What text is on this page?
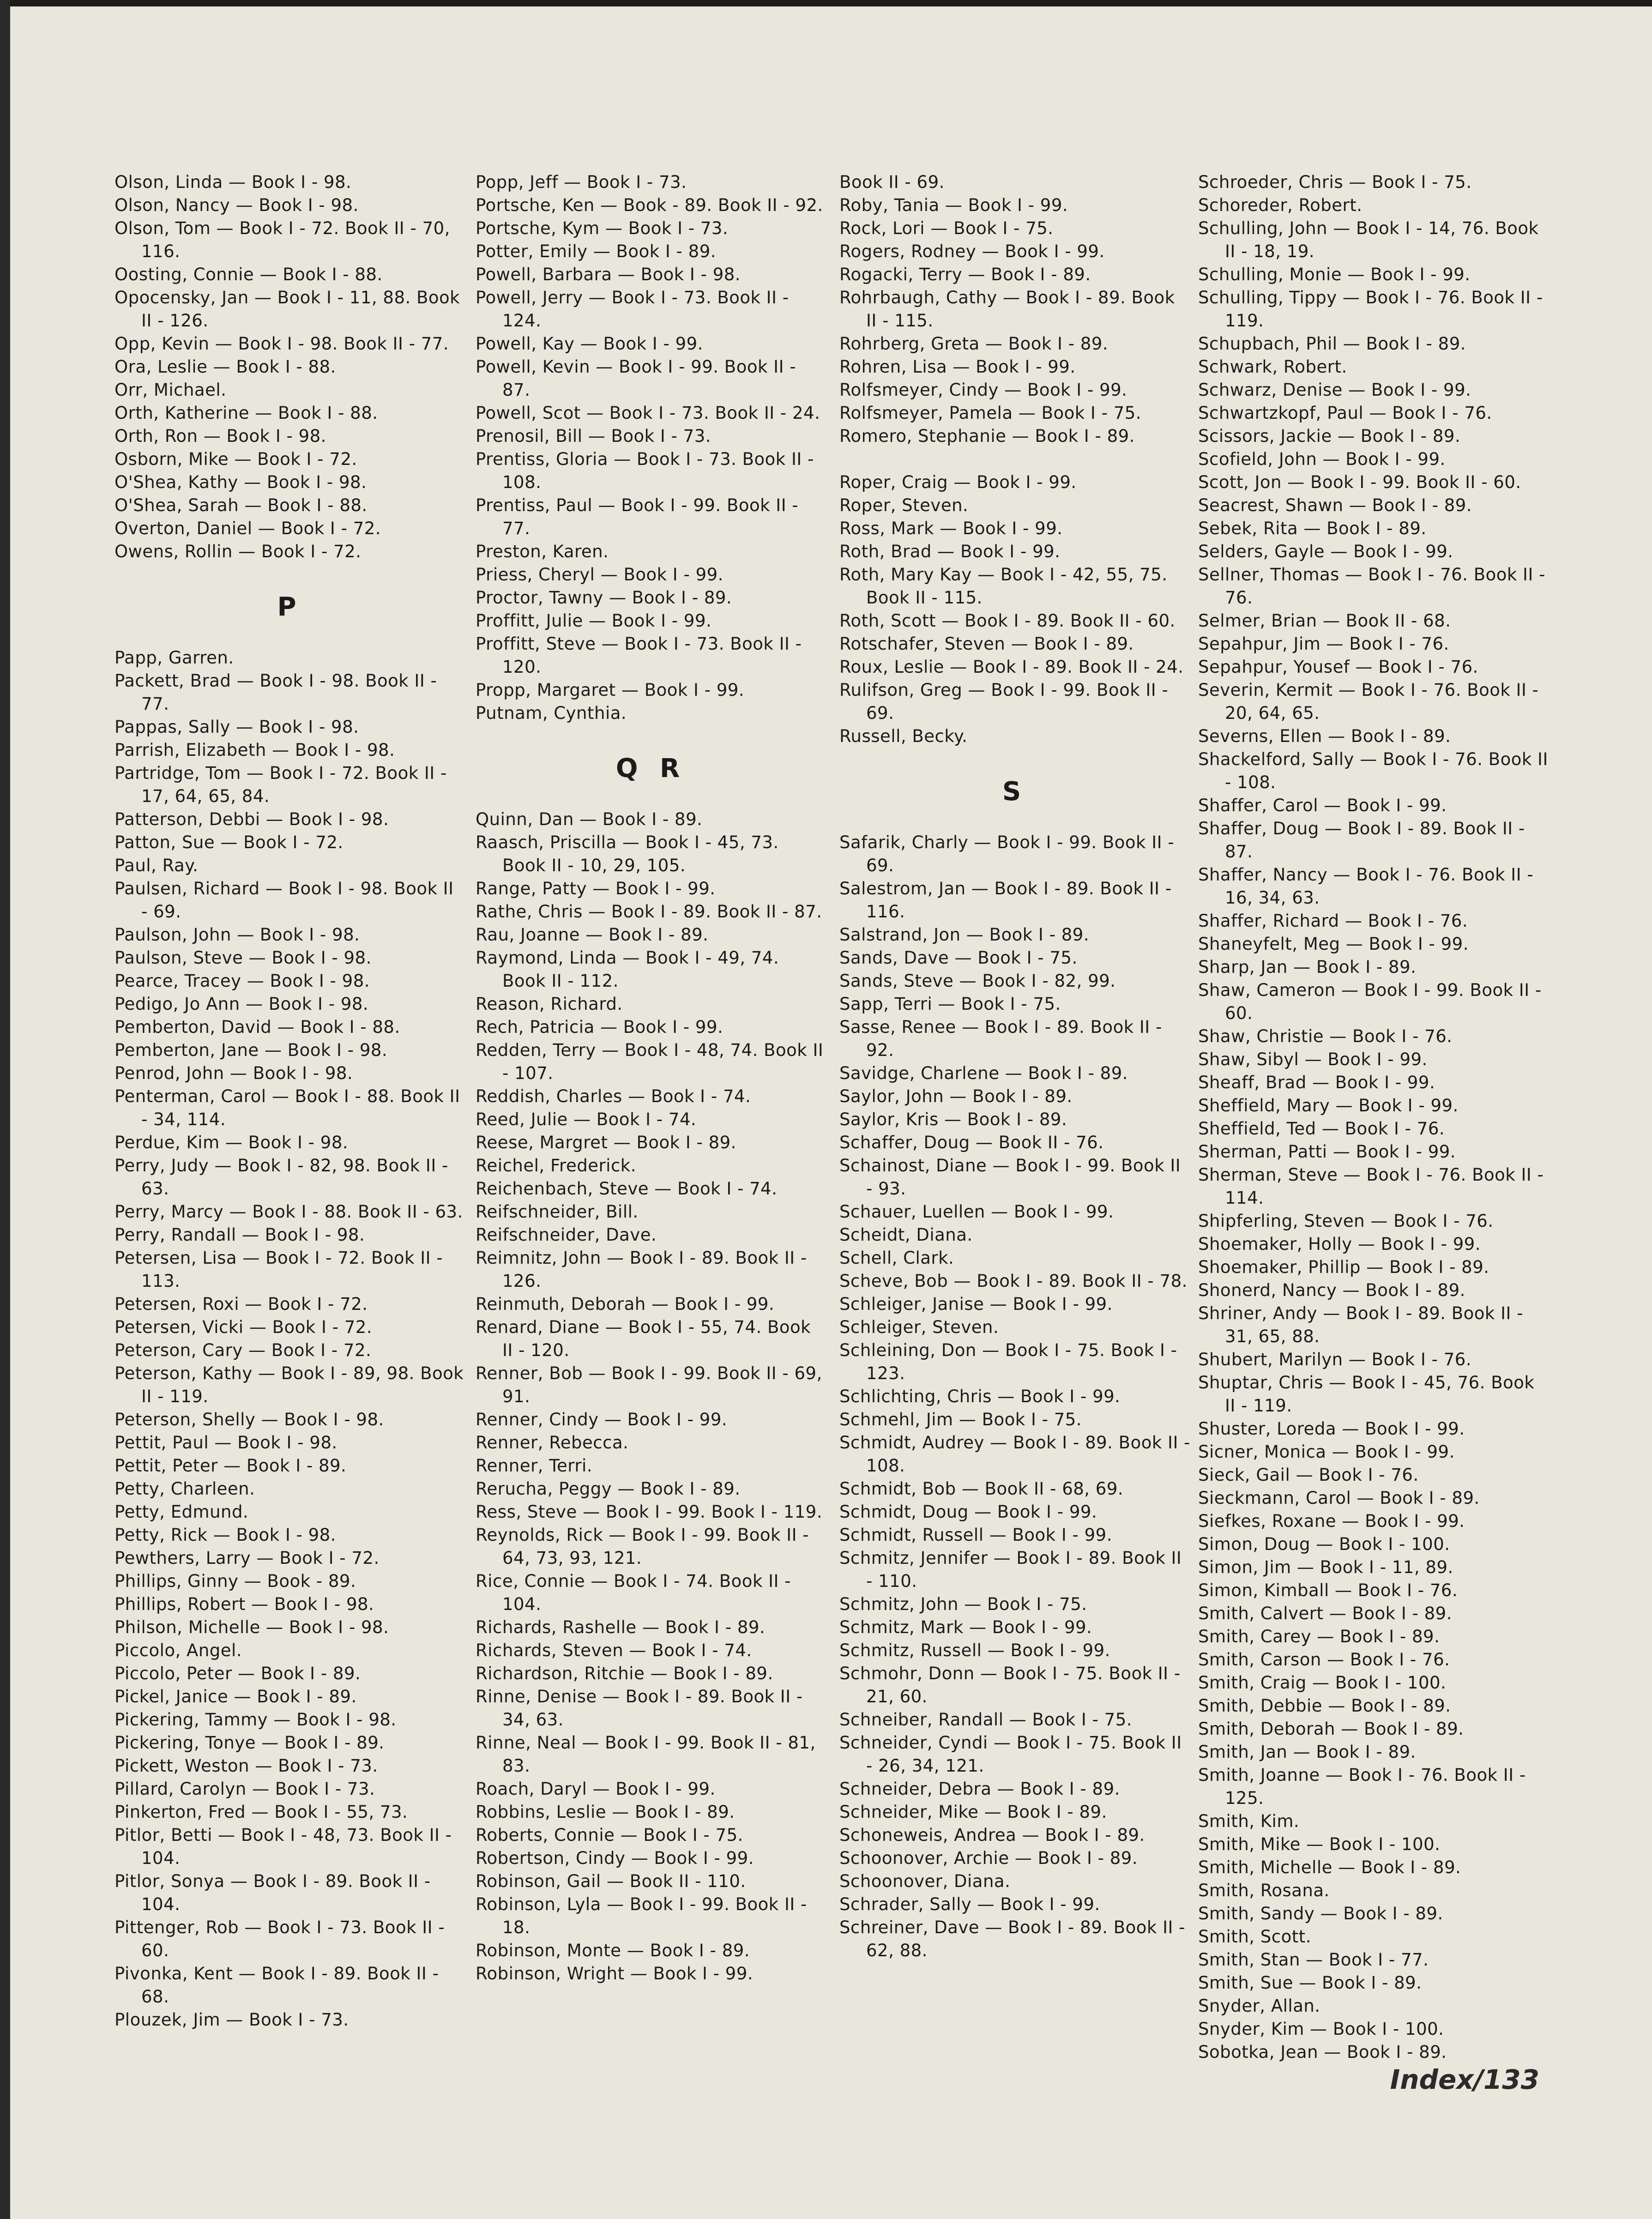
Olson, Linda — Book I - 98.
Olson, Nancy — Book I - 98.
Olson, Tom — Book I - 72. Book II - 70, 116.
Oosting, Connie — Book I - 88.
Opocensky, Jan — Book I - 11, 88. Book II - 126.
Opp, Kevin — Book I - 98. Book II - 77.
Ora, Leslie — Book I - 88.
Orr, Michael.
Orth, Katherine — Book I - 88.
Orth, Ron — Book I - 98.
Osborn, Mike — Book I - 72.
O'Shea, Kathy — Book I - 98.
O'Shea, Sarah — Book I - 88.
Overton, Daniel — Book I - 72.
Owens, Rollin — Book I - 72.
P
Papp, Garren.
Packett, Brad — Book I - 98. Book II - 77.
Pappas, Sally — Book I - 98.
Parrish, Elizabeth — Book I - 98.
Partridge, Tom — Book I - 72. Book II - 17, 64, 65, 84.
Patterson, Debbi — Book I - 98.
Patton, Sue — Book I - 72.
Paul, Ray.
Paulsen, Richard — Book I - 98. Book II - 69.
Paulson, John — Book I - 98.
Paulson, Steve — Book I - 98.
Pearce, Tracey — Book I - 98.
Pedigo, Jo Ann — Book I - 98.
Pemberton, David — Book I - 88.
Pemberton, Jane — Book I - 98.
Penrod, John — Book I - 98.
Penterman, Carol — Book I - 88. Book II - 34, 114.
Perdue, Kim — Book I - 98.
Perry, Judy — Book I - 82, 98. Book II - 63.
Perry, Marcy — Book I - 88. Book II - 63.
Perry, Randall — Book I - 98.
Petersen, Lisa — Book I - 72. Book II - 113.
Petersen, Roxi — Book I - 72.
Petersen, Vicki — Book I - 72.
Peterson, Cary — Book I - 72.
Peterson, Kathy — Book I - 89, 98. Book II - 119.
Peterson, Shelly — Book I - 98.
Pettit, Paul — Book I - 98.
Pettit, Peter — Book I - 89.
Petty, Charleen.
Petty, Edmund.
Petty, Rick — Book I - 98.
Pewthers, Larry — Book I - 72.
Phillips, Ginny — Book - 89.
Phillips, Robert — Book I - 98.
Philson, Michelle — Book I - 98.
Piccolo, Angel.
Piccolo, Peter — Book I - 89.
Pickel, Janice — Book I - 89.
Pickering, Tammy — Book I - 98.
Pickering, Tonye — Book I - 89.
Pickett, Weston — Book I - 73.
Pillard, Carolyn — Book I - 73.
Pinkerton, Fred — Book I - 55, 73.
Pitlor, Betti — Book I - 48, 73. Book II - 104.
Pitlor, Sonya — Book I - 89. Book II - 104.
Pittenger, Rob — Book I - 73. Book II - 60.
Pivonka, Kent — Book I - 89. Book II - 68.
Plouzek, Jim — Book I - 73.
Popp, Jeff — Book I - 73.
Portsche, Ken — Book - 89. Book II - 92.
Portsche, Kym — Book I - 73.
Potter, Emily — Book I - 89.
Powell, Barbara — Book I - 98.
Powell, Jerry — Book I - 73. Book II - 124.
Powell, Kay — Book I - 99.
Powell, Kevin — Book I - 99. Book II - 87.
Powell, Scot — Book I - 73. Book II - 24.
Prenosil, Bill — Book I - 73.
Prentiss, Gloria — Book I - 73. Book II - 108.
Prentiss, Paul — Book I - 99. Book II - 77.
Preston, Karen.
Priess, Cheryl — Book I - 99.
Proctor, Tawny — Book I - 89.
Proffitt, Julie — Book I - 99.
Proffitt, Steve — Book I - 73. Book II - 120.
Propp, Margaret — Book I - 99.
Putnam, Cynthia.
Q R
Quinn, Dan — Book I - 89.
Raasch, Priscilla — Book I - 45, 73. Book II - 10, 29, 105.
Range, Patty — Book I - 99.
Rathe, Chris — Book I - 89. Book II - 87.
Rau, Joanne — Book I - 89.
Raymond, Linda — Book I - 49, 74. Book II - 112.
Reason, Richard.
Rech, Patricia — Book I - 99.
Redden, Terry — Book I - 48, 74. Book II - 107.
Reddish, Charles — Book I - 74.
Reed, Julie — Book I - 74.
Reese, Margret — Book I - 89.
Reichel, Frederick.
Reichenbach, Steve — Book I - 74.
Reifschneider, Bill.
Reifschneider, Dave.
Reimnitz, John — Book I - 89. Book II - 126.
Reinmuth, Deborah — Book I - 99.
Renard, Diane — Book I - 55, 74. Book II - 120.
Renner, Bob — Book I - 99. Book II - 69, 91.
Renner, Cindy — Book I - 99.
Renner, Rebecca.
Renner, Terri.
Rerucha, Peggy — Book I - 89.
Ress, Steve — Book I - 99. Book I - 119.
Reynolds, Rick — Book I - 99. Book II - 64, 73, 93, 121.
Rice, Connie — Book I - 74. Book II - 104.
Richards, Rashelle — Book I - 89.
Richards, Steven — Book I - 74.
Richardson, Ritchie — Book I - 89.
Rinne, Denise — Book I - 89. Book II - 34, 63.
Rinne, Neal — Book I - 99. Book II - 81, 83.
Roach, Daryl — Book I - 99.
Robbins, Leslie — Book I - 89.
Roberts, Connie — Book I - 75.
Robertson, Cindy — Book I - 99.
Robinson, Gail — Book II - 110.
Robinson, Lyla — Book I - 99. Book II - 18.
Robinson, Monte — Book I - 89.
Robinson, Wright — Book I - 99.
Book II - 69.
Roby, Tania — Book I - 99.
Rock, Lori — Book I - 75.
Rogers, Rodney — Book I - 99.
Rogacki, Terry — Book I - 89.
Rohrbaugh, Cathy — Book I - 89. Book II - 115.
Rohrberg, Greta — Book I - 89.
Rohren, Lisa — Book I - 99.
Rolfsmeyer, Cindy — Book I - 99.
Rolfsmeyer, Pamela — Book I - 75.
Romero, Stephanie — Book I - 89.
Roper, Craig — Book I - 99.
Roper, Steven.
Ross, Mark — Book I - 99.
Roth, Brad — Book I - 99.
Roth, Mary Kay — Book I - 42, 55, 75. Book II - 115.
Roth, Scott — Book I - 89. Book II - 60.
Rotschafer, Steven — Book I - 89.
Roux, Leslie — Book I - 89. Book II - 24.
Rulifson, Greg — Book I - 99. Book II - 69.
Russell, Becky.
S
Safarik, Charly — Book I - 99. Book II - 69.
Salestrom, Jan — Book I - 89. Book II - 116.
Salstrand, Jon — Book I - 89.
Sands, Dave — Book I - 75.
Sands, Steve — Book I - 82, 99.
Sapp, Terri — Book I - 75.
Sasse, Renee — Book I - 89. Book II - 92.
Savidge, Charlene — Book I - 89.
Saylor, John — Book I - 89.
Saylor, Kris — Book I - 89.
Schaffer, Doug — Book II - 76.
Schainost, Diane — Book I - 99. Book II - 93.
Schauer, Luellen — Book I - 99.
Scheidt, Diana.
Schell, Clark.
Scheve, Bob — Book I - 89. Book II - 78.
Schleiger, Janise — Book I - 99.
Schleiger, Steven.
Schleining, Don — Book I - 75. Book I - 123.
Schlichting, Chris — Book I - 99.
Schmehl, Jim — Book I - 75.
Schmidt, Audrey — Book I - 89. Book II - 108.
Schmidt, Bob — Book II - 68, 69.
Schmidt, Doug — Book I - 99.
Schmidt, Russell — Book I - 99.
Schmitz, Jennifer — Book I - 89. Book II - 110.
Schmitz, John — Book I - 75.
Schmitz, Mark — Book I - 99.
Schmitz, Russell — Book I - 99.
Schmohr, Donn — Book I - 75. Book II - 21, 60.
Schneiber, Randall — Book I - 75.
Schneider, Cyndi — Book I - 75. Book II - 26, 34, 121.
Schneider, Debra — Book I - 89.
Schneider, Mike — Book I - 89.
Schoneweis, Andrea — Book I - 89.
Schoonover, Archie — Book I - 89.
Schoonover, Diana.
Schrader, Sally — Book I - 99.
Schreiner, Dave — Book I - 89. Book II - 62, 88.
Schroeder, Chris — Book I - 75.
Schoreder, Robert.
Schulling, John — Book I - 14, 76. Book II - 18, 19.
Schulling, Monie — Book I - 99.
Schulling, Tippy — Book I - 76. Book II - 119.
Schupbach, Phil — Book I - 89.
Schwark, Robert.
Schwarz, Denise — Book I - 99.
Schwartzkopf, Paul — Book I - 76.
Scissors, Jackie — Book I - 89.
Scofield, John — Book I - 99.
Scott, Jon — Book I - 99. Book II - 60.
Seacrest, Shawn — Book I - 89.
Sebek, Rita — Book I - 89.
Selders, Gayle — Book I - 99.
Sellner, Thomas — Book I - 76. Book II - 76.
Selmer, Brian — Book II - 68.
Sepahpur, Jim — Book I - 76.
Sepahpur, Yousef — Book I - 76.
Severin, Kermit — Book I - 76. Book II - 20, 64, 65.
Severns, Ellen — Book I - 89.
Shackelford, Sally — Book I - 76. Book II - 108.
Shaffer, Carol — Book I - 99.
Shaffer, Doug — Book I - 89. Book II - 87.
Shaffer, Nancy — Book I - 76. Book II - 16, 34, 63.
Shaffer, Richard — Book I - 76.
Shaneyfelt, Meg — Book I - 99.
Sharp, Jan — Book I - 89.
Shaw, Cameron — Book I - 99. Book II - 60.
Shaw, Christie — Book I - 76.
Shaw, Sibyl — Book I - 99.
Sheaff, Brad — Book I - 99.
Sheffield, Mary — Book I - 99.
Sheffield, Ted — Book I - 76.
Sherman, Patti — Book I - 99.
Sherman, Steve — Book I - 76. Book II - 114.
Shipferling, Steven — Book I - 76.
Shoemaker, Holly — Book I - 99.
Shoemaker, Phillip — Book I - 89.
Shonerd, Nancy — Book I - 89.
Shriner, Andy — Book I - 89. Book II - 31, 65, 88.
Shubert, Marilyn — Book I - 76.
Shuptar, Chris — Book I - 45, 76. Book II - 119.
Shuster, Loreda — Book I - 99.
Sicner, Monica — Book I - 99.
Sieck, Gail — Book I - 76.
Sieckmann, Carol — Book I - 89.
Siefkes, Roxane — Book I - 99.
Simon, Doug — Book I - 100.
Simon, Jim — Book I - 11, 89.
Simon, Kimball — Book I - 76.
Smith, Calvert — Book I - 89.
Smith, Carey — Book I - 89.
Smith, Carson — Book I - 76.
Smith, Craig — Book I - 100.
Smith, Debbie — Book I - 89.
Smith, Deborah — Book I - 89.
Smith, Jan — Book I - 89.
Smith, Joanne — Book I - 76. Book II - 125.
Smith, Kim.
Smith, Mike — Book I - 100.
Smith, Michelle — Book I - 89.
Smith, Rosana.
Smith, Sandy — Book I - 89.
Smith, Scott.
Smith, Stan — Book I - 77.
Smith, Sue — Book I - 89.
Snyder, Allan.
Snyder, Kim — Book I - 100.
Sobotka, Jean — Book I - 89.
Index/133
